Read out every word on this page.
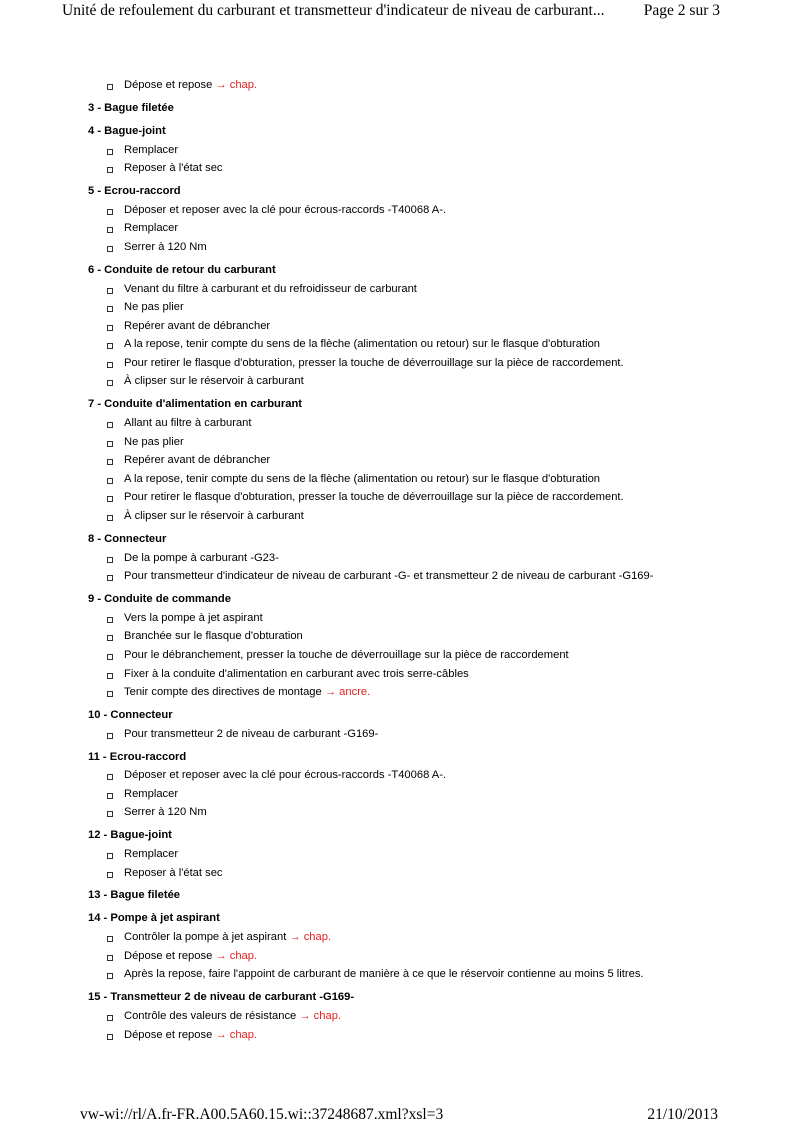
Unité de refoulement du carburant et transmetteur d'indicateur de niveau de carburant...	Page 2 sur 3
Dépose et repose → chap.
3 - Bague filetée
4 - Bague-joint
Remplacer
Reposer à l'état sec
5 - Ecrou-raccord
Déposer et reposer avec la clé pour écrous-raccords -T40068 A-.
Remplacer
Serrer à 120 Nm
6 - Conduite de retour du carburant
Venant du filtre à carburant et du refroidisseur de carburant
Ne pas plier
Repérer avant de débrancher
A la repose, tenir compte du sens de la flèche (alimentation ou retour) sur le flasque d'obturation
Pour retirer le flasque d'obturation, presser la touche de déverrouillage sur la pièce de raccordement.
À clipser sur le réservoir à carburant
7 - Conduite d'alimentation en carburant
Allant au filtre à carburant
Ne pas plier
Repérer avant de débrancher
A la repose, tenir compte du sens de la flèche (alimentation ou retour) sur le flasque d'obturation
Pour retirer le flasque d'obturation, presser la touche de déverrouillage sur la pièce de raccordement.
À clipser sur le réservoir à carburant
8 - Connecteur
De la pompe à carburant -G23-
Pour transmetteur d'indicateur de niveau de carburant -G- et transmetteur 2 de niveau de carburant -G169-
9 - Conduite de commande
Vers la pompe à jet aspirant
Branchée sur le flasque d'obturation
Pour le débranchement, presser la touche de déverrouillage sur la pièce de raccordement
Fixer à la conduite d'alimentation en carburant avec trois serre-câbles
Tenir compte des directives de montage → ancre.
10 - Connecteur
Pour transmetteur 2 de niveau de carburant -G169-
11 - Ecrou-raccord
Déposer et reposer avec la clé pour écrous-raccords -T40068 A-.
Remplacer
Serrer à 120 Nm
12 - Bague-joint
Remplacer
Reposer à l'état sec
13 - Bague filetée
14 - Pompe à jet aspirant
Contrôler la pompe à jet aspirant → chap.
Dépose et repose → chap.
Après la repose, faire l'appoint de carburant de manière à ce que le réservoir contienne au moins 5 litres.
15 - Transmetteur 2 de niveau de carburant -G169-
Contrôle des valeurs de résistance → chap.
Dépose et repose → chap.
vw-wi://rl/A.fr-FR.A00.5A60.15.wi::37248687.xml?xsl=3	21/10/2013
